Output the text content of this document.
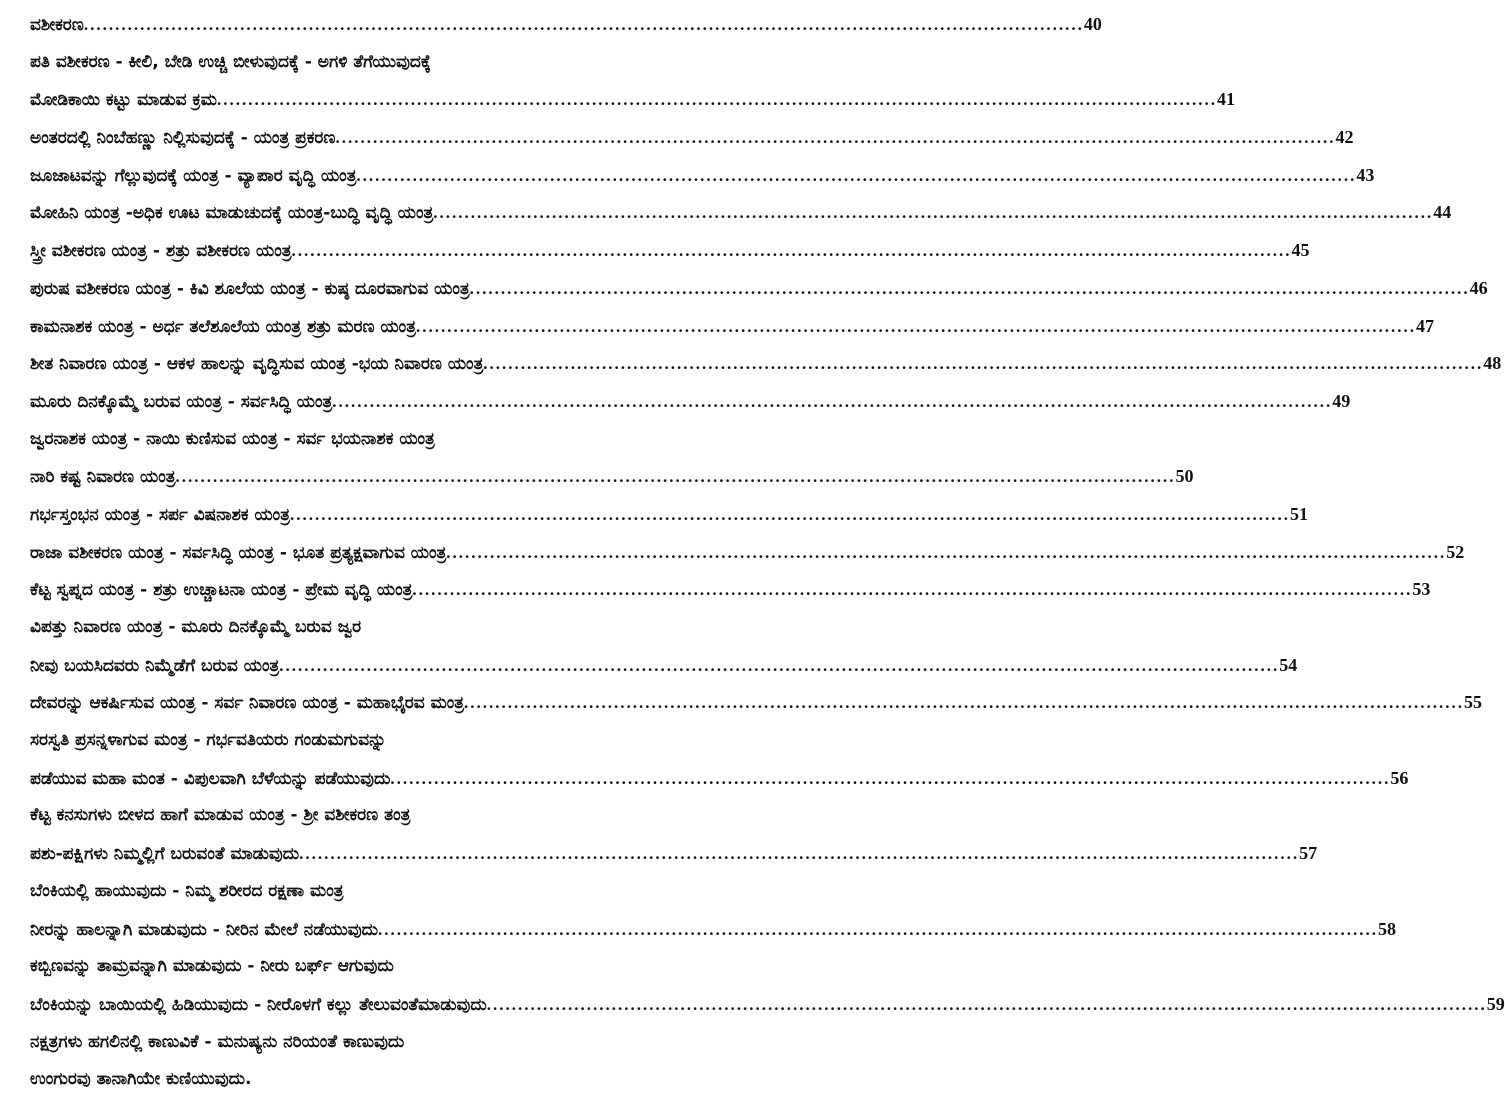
ವಶೀಕರಣ .....	40
ಪತಿ ವಶೀಕರಣ - ಕೀಲಿ, ಬೇಡಿ ಉಚ್ಚಿ ಬೀಳುವುದಕ್ಕೆ - ಅಗಳಿ ತೆಗೆಯುವುದಕ್ಕೆ
ಮೋಡಿಕಾಯಿ ಕಟ್ಟು ಮಾಡುವ ಕ್ರಮ .....	41
ಅಂತರದಲ್ಲಿ ನಿಂಬೆಹಣ್ಣು ನಿಲ್ಲಿಸುವುದಕ್ಕೆ - ಯಂತ್ರ ಪ್ರಕರಣ .....	42
ಜೂಜಾಟವನ್ನು ಗೆಲ್ಲುವುದಕ್ಕೆ ಯಂತ್ರ - ವ್ಯಾಪಾರ ವೃದ್ಧಿ ಯಂತ್ರ .....	43
ಮೋಹಿನಿ ಯಂತ್ರ -ಅಧಿಕ ಊಟ ಮಾಡುಚುದಕ್ಕೆ ಯಂತ್ರ-ಬುದ್ಧಿ ವೃದ್ಧಿ ಯಂತ್ರ .....	44
ಸ್ತ್ರೀ ವಶೀಕರಣ ಯಂತ್ರ - ಶತ್ರು ವಶೀಕರಣ ಯಂತ್ರ .....	45
ಪುರುಷ ವಶೀಕರಣ ಯಂತ್ರ - ಕಿವಿ ಶೂಲೆಯ ಯಂತ್ರ - ಕುಷ್ಠ ದೂರವಾಗುವ ಯಂತ್ರ .....	46
ಕಾಮನಾಶಕ ಯಂತ್ರ - ಅರ್ಧ ತಲೆಶೂಲೆಯ ಯಂತ್ರ ಶತ್ರು ಮರಣ ಯಂತ್ರ .....	47
ಶೀತ ನಿವಾರಣ ಯಂತ್ರ - ಆಕಳ ಹಾಲನ್ನು ವೃದ್ಧಿಸುವ ಯಂತ್ರ -ಭಯ ನಿವಾರಣ ಯಂತ್ರ .....	48
ಮೂರು ದಿನಕ್ಕೊಮ್ಮೆ ಬರುವ ಯಂತ್ರ - ಸರ್ವಸಿದ್ಧಿ ಯಂತ್ರ .....	49
ಜ್ವರನಾಶಕ ಯಂತ್ರ - ನಾಯಿ ಕುಣಿಸುವ ಯಂತ್ರ - ಸರ್ವ ಭಯನಾಶಕ ಯಂತ್ರ
ನಾರಿ ಕಷ್ಟ ನಿವಾರಣ ಯಂತ್ರ .....	50
ಗರ್ಭಸ್ತಂಭನ ಯಂತ್ರ - ಸರ್ಪ ವಿಷನಾಶಕ ಯಂತ್ರ .....	51
ರಾಜಾ ವಶೀಕರಣ ಯಂತ್ರ - ಸರ್ವಸಿದ್ಧಿ ಯಂತ್ರ - ಭೂತ ಪ್ರತ್ಯಕ್ಷವಾಗುವ ಯಂತ್ರ .....	52
ಕೆಟ್ಟ ಸ್ವಪ್ನದ ಯಂತ್ರ - ಶತ್ರು ಉಚ್ಚಾಟನಾ ಯಂತ್ರ - ಪ್ರೇಮ ವೃದ್ಧಿ ಯಂತ್ರ .....	53
ವಿಪತ್ತು ನಿವಾರಣ ಯಂತ್ರ - ಮೂರು ದಿನಕ್ಕೊಮ್ಮೆ ಬರುವ ಜ್ವರ
ನೀವು ಬಯಸಿದವರು ನಿಮ್ಮೆಡೆಗೆ ಬರುವ ಯಂತ್ರ .....	54
ದೇವರನ್ನು ಆಕರ್ಷಿಸುವ ಯಂತ್ರ - ಸರ್ವ ನಿವಾರಣ ಯಂತ್ರ - ಮಹಾಭೈರವ ಮಂತ್ರ .....	55
ಸರಸ್ವತಿ ಪ್ರಸನ್ನಳಾಗುವ ಮಂತ್ರ - ಗರ್ಭವತಿಯರು ಗಂಡುಮಗುವನ್ನು
ಪಡೆಯುವ ಮಹಾ ಮಂತ - ವಿಪುಲವಾಗಿ ಬೆಳೆಯನ್ನು ಪಡೆಯುವುದು .....	56
ಕೆಟ್ಟ ಕನಸುಗಳು ಬೀಳದ ಹಾಗೆ ಮಾಡುವ ಯಂತ್ರ - ಶ್ರೀ ವಶೀಕರಣ ತಂತ್ರ
ಪಶು-ಪಕ್ಷಿಗಳು ನಿಮ್ಮಲ್ಲಿಗೆ ಬರುವಂತೆ ಮಾಡುವುದು .....	57
ಬೆಂಕಿಯಲ್ಲಿ ಹಾಯುವುದು - ನಿಮ್ಮ ಶರೀರದ ರಕ್ಷಣಾ ಮಂತ್ರ
ನೀರನ್ನು ಹಾಲನ್ನಾಗಿ ಮಾಡುವುದು - ನೀರಿನ ಮೇಲೆ ನಡೆಯುವುದು .....	58
ಕಬ್ಬಿಣವನ್ನು ತಾಮ್ರವನ್ನಾಗಿ ಮಾಡುವುದು - ನೀರು ಬರ್ಫ್ ಆಗುವುದು
ಬೆಂಕಿಯನ್ನು ಬಾಯಿಯಲ್ಲಿ ಹಿಡಿಯುವುದು - ನೀರೊಳಗೆ ಕಲ್ಲು ತೇಲುವಂತೆಮಾಡುವುದು .....	59
ನಕ್ಷತ್ರಗಳು ಹಗಲಿನಲ್ಲಿ ಕಾಣುವಿಕೆ - ಮನುಷ್ಯನು ನರಿಯಂತೆ ಕಾಣುವುದು
ಉಂಗುರವು ತಾನಾಗಿಯೇ ಕುಣಿಯುವುದು.
